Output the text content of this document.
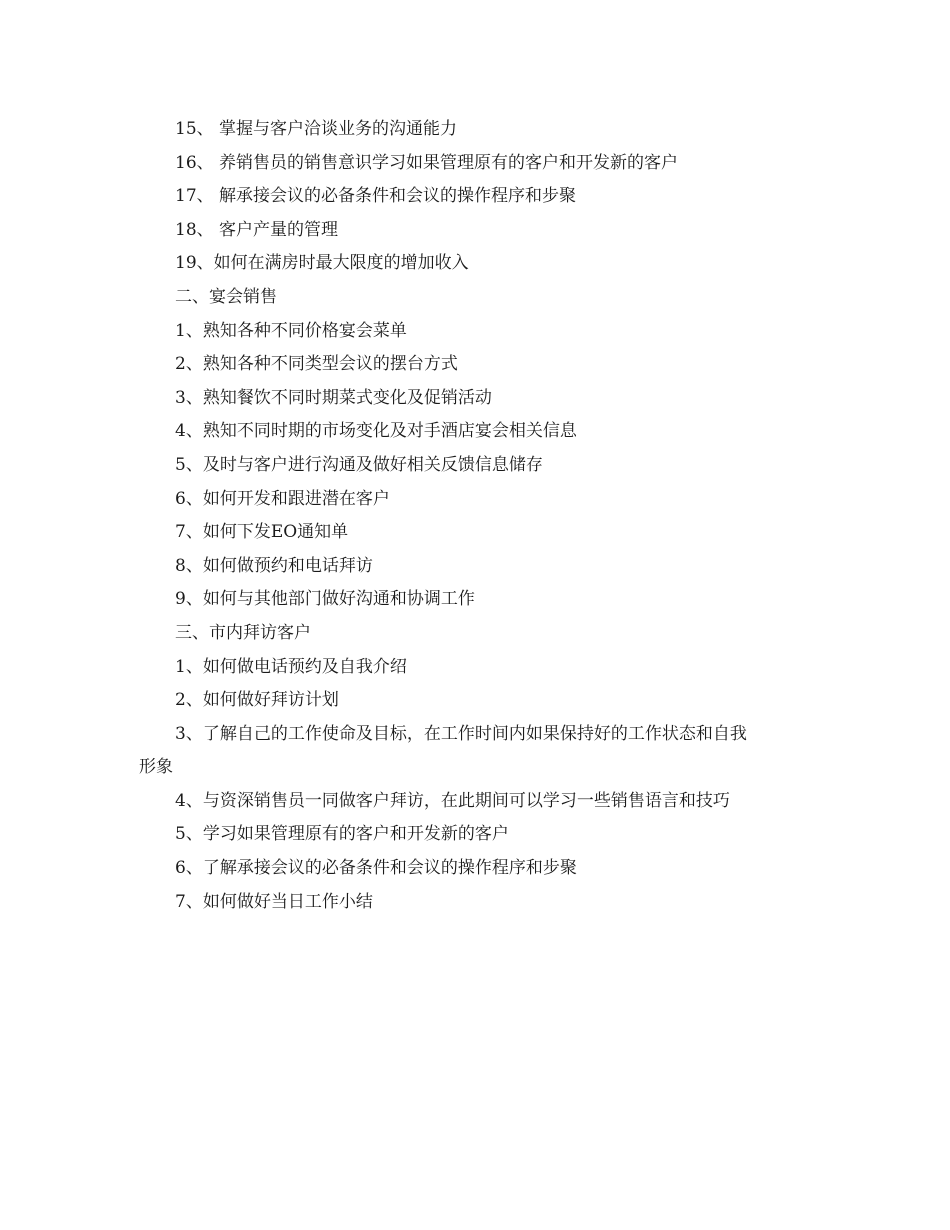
15、 掌握与客户洽谈业务的沟通能力
16、 养销售员的销售意识学习如果管理原有的客户和开发新的客户
17、 解承接会议的必备条件和会议的操作程序和步聚
18、 客户产量的管理
19、如何在满房时最大限度的增加收入
二、宴会销售
1、熟知各种不同价格宴会菜单
2、熟知各种不同类型会议的摆台方式
3、熟知餐饮不同时期菜式变化及促销活动
4、熟知不同时期的市场变化及对手酒店宴会相关信息
5、及时与客户进行沟通及做好相关反馈信息储存
6、如何开发和跟进潜在客户
7、如何下发EO通知单
8、如何做预约和电话拜访
9、如何与其他部门做好沟通和协调工作
三、市内拜访客户
1、如何做电话预约及自我介绍
2、如何做好拜访计划
3、了解自己的工作使命及目标，在工作时间内如果保持好的工作状态和自我
形象
4、与资深销售员一同做客户拜访，在此期间可以学习一些销售语言和技巧
5、学习如果管理原有的客户和开发新的客户
6、了解承接会议的必备条件和会议的操作程序和步聚
7、如何做好当日工作小结
